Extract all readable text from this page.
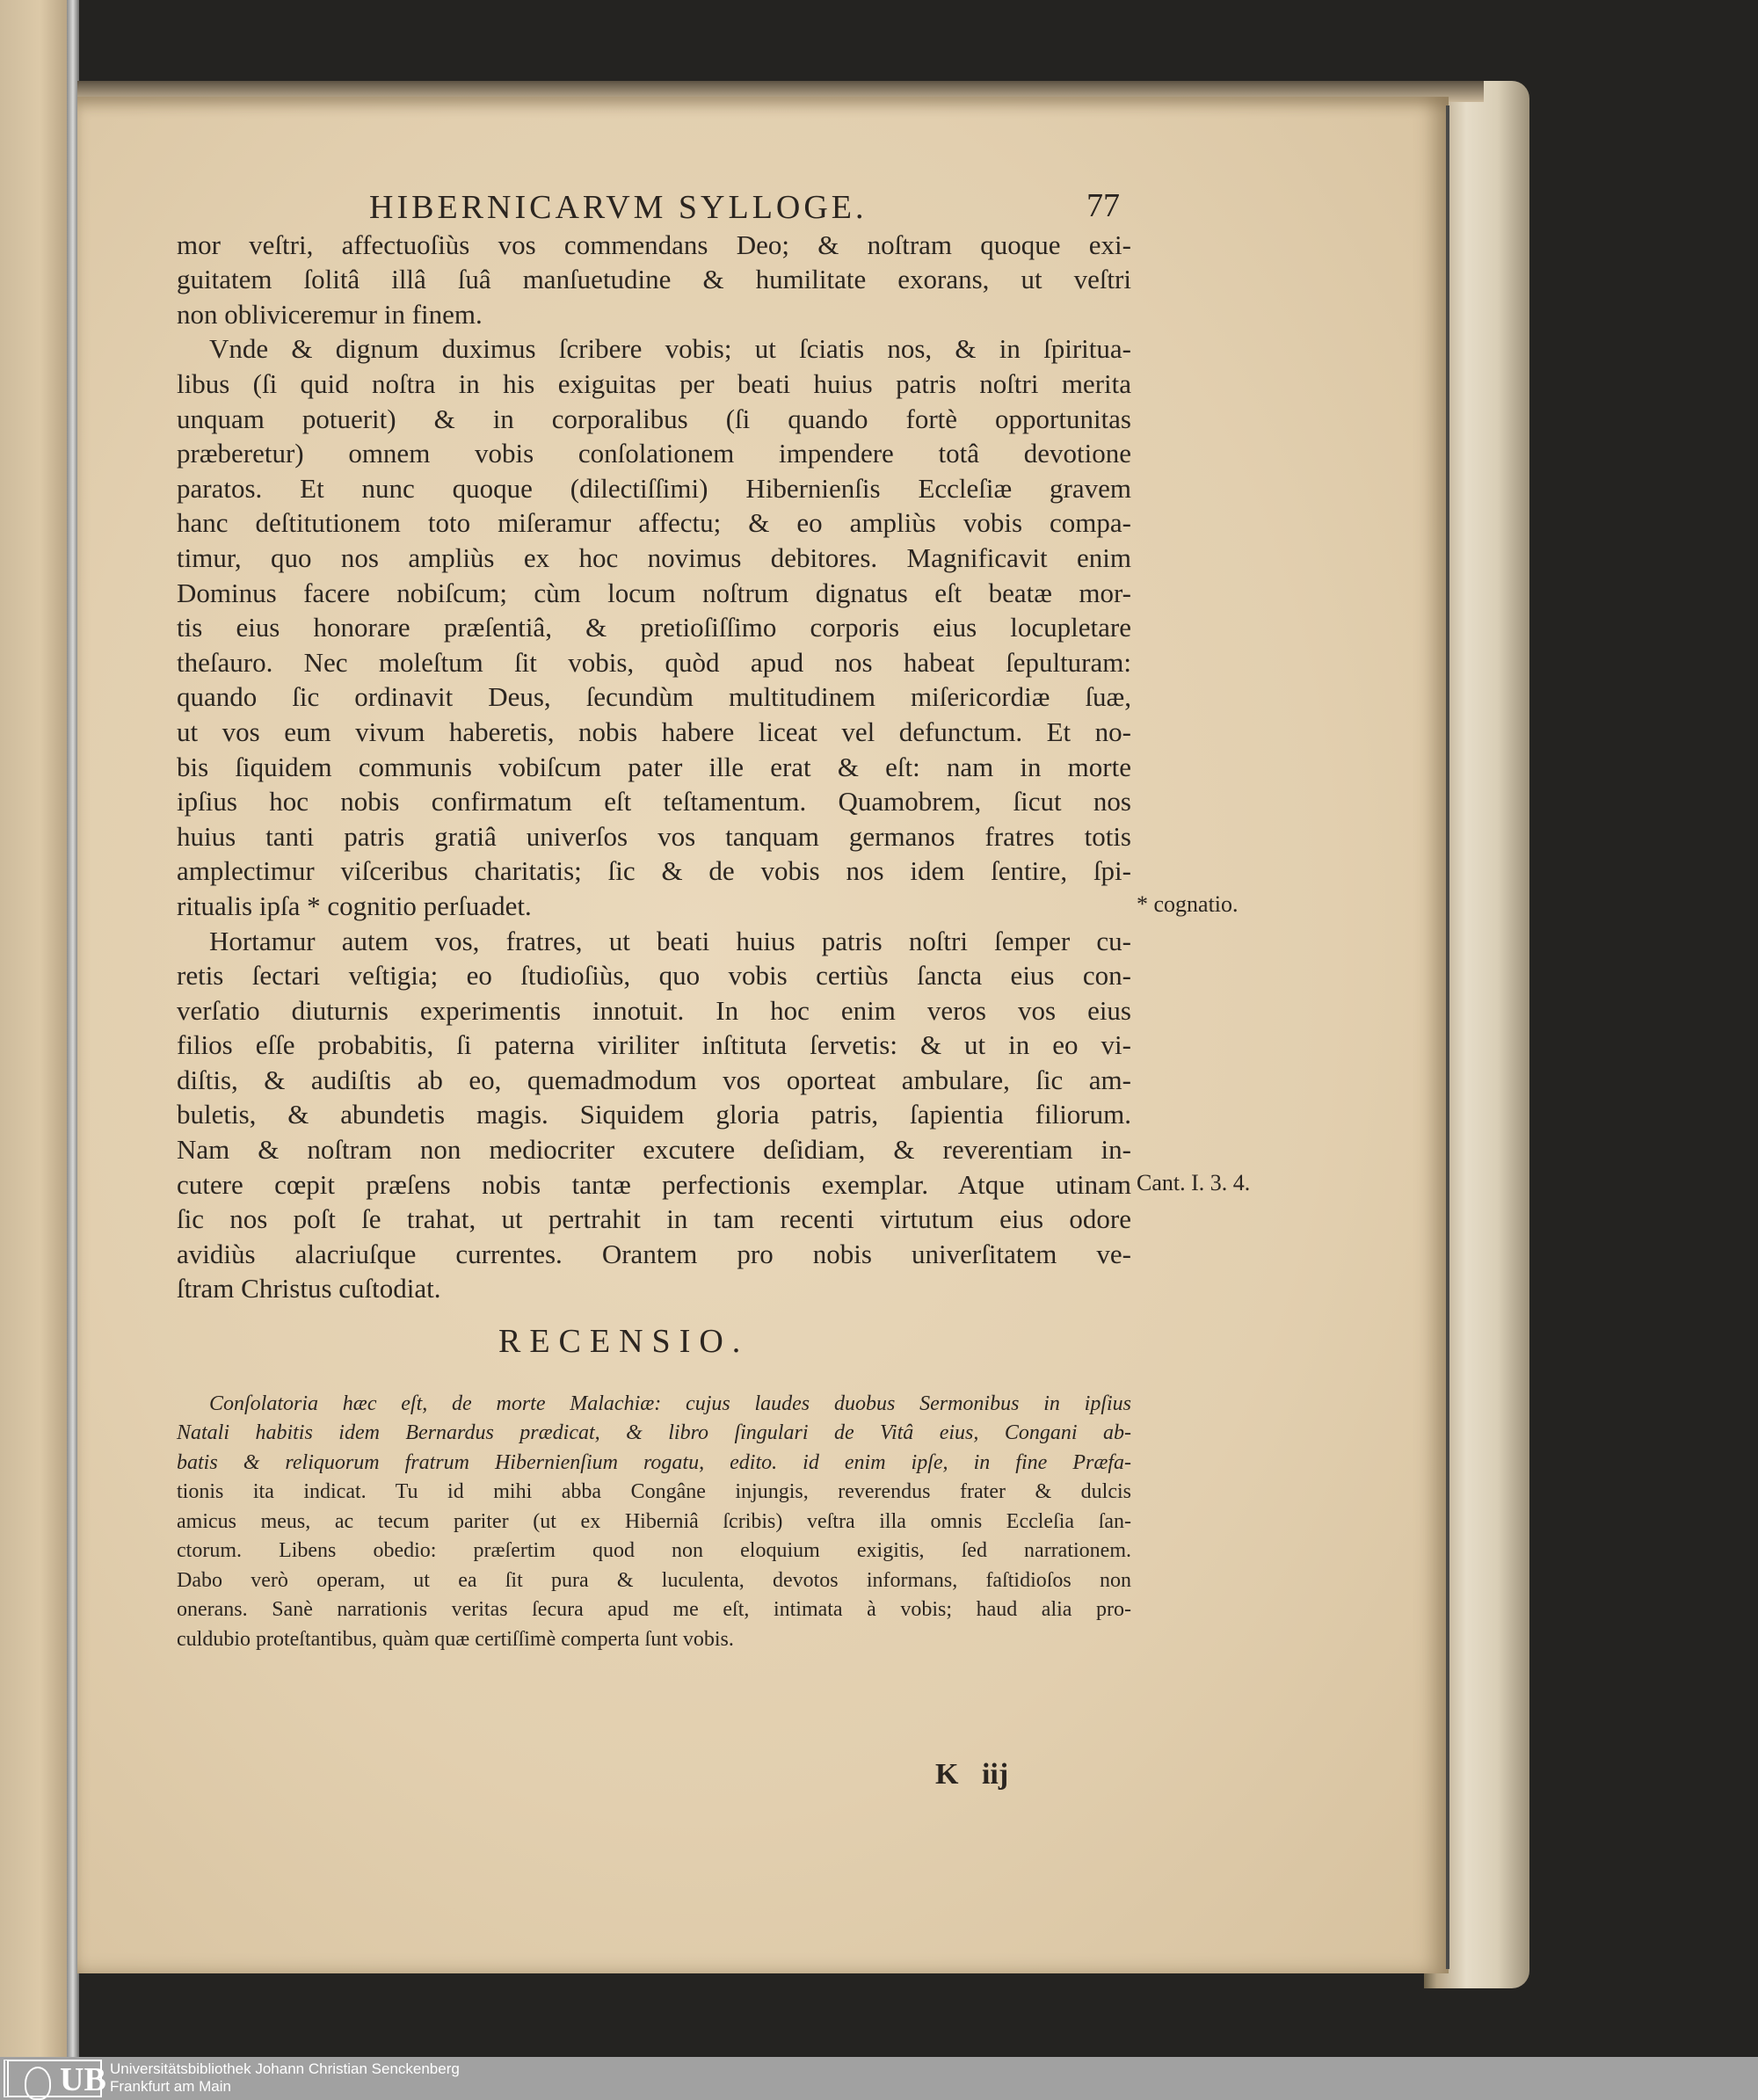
HIBERNICARVM SYLLOGE.	77
mor veſtri, affectuoſiùs vos commendans Deo; & noſtram quoque exi-
guitatem ſolitâ illâ ſuâ manſuetudine & humilitate exorans, ut veſtri
non obliviceremur in finem.
Vnde & dignum duximus ſcribere vobis; ut ſciatis nos, & in ſpiritua-
libus (ſi quid noſtra in his exiguitas per beati huius patris noſtri merita
unquam potuerit) & in corporalibus (ſi quando fortè opportunitas
præberetur) omnem vobis conſolationem impendere totâ devotione
paratos. Et nunc quoque (dilectiſſimi) Hibernienſis Eccleſiæ gravem
hanc deſtitutionem toto miſeramur affectu; & eo ampliùs vobis compa-
timur, quo nos ampliùs ex hoc novimus debitores. Magnificavit enim
Dominus facere nobiſcum; cùm locum noſtrum dignatus eſt beatæ mor-
tis eius honorare præſentiâ, & pretioſiſſimo corporis eius locupletare
theſauro. Nec moleſtum ſit vobis, quòd apud nos habeat ſepulturam:
quando ſic ordinavit Deus, ſecundùm multitudinem miſericordiæ ſuæ,
ut vos eum vivum haberetis, nobis habere liceat vel defunctum. Et no-
bis ſiquidem communis vobiſcum pater ille erat & eſt: nam in morte
ipſius hoc nobis confirmatum eſt teſtamentum. Quamobrem, ſicut nos
huius tanti patris gratiâ univerſos vos tanquam germanos fratres totis
amplectimur viſceribus charitatis; ſic & de vobis nos idem ſentire, ſpi-
ritualis ipſa * cognitio perſuadet.
Hortamur autem vos, fratres, ut beati huius patris noſtri ſemper cu-
retis ſectari veſtigia; eo ſtudioſiùs, quo vobis certiùs ſancta eius con-
verſatio diuturnis experimentis innotuit. In hoc enim veros vos eius
filios eſſe probabitis, ſi paterna viriliter inſtituta ſervetis: & ut in eo vi-
diſtis, & audiſtis ab eo, quemadmodum vos oporteat ambulare, ſic am-
buletis, & abundetis magis. Siquidem gloria patris, ſapientia filiorum.
Nam & noſtram non mediocriter excutere deſidiam, & reverentiam in-
cutere cœpit præſens nobis tantæ perfectionis exemplar. Atque utinam
ſic nos poſt ſe trahat, ut pertrahit in tam recenti virtutum eius odore
avidiùs alacriuſque currentes. Orantem pro nobis univerſitatem ve-
ſtram Christus cuſtodiat.
* cognatio.
Cant. I. 3. 4.
RECENSIO.
Conſolatoria hæc eſt, de morte Malachiæ: cujus laudes duobus Sermonibus in ipſius
Natali habitis idem Bernardus prædicat, & libro ſingulari de Vitâ eius, Congani ab-
batis & reliquorum fratrum Hibernienſium rogatu, edito. id enim ipſe, in fine Præfa-
tionis ita indicat. Tu id mihi abba Congâne injungis, reverendus frater & dulcis
amicus meus, ac tecum pariter (ut ex Hiberniâ ſcribis) veſtra illa omnis Eccleſia ſan-
ctorum. Libens obedio: præſertim quod non eloquium exigitis, ſed narrationem.
Dabo verò operam, ut ea ſit pura & luculenta, devotos informans, faſtidioſos non
onerans. Sanè narrationis veritas ſecura apud me eſt, intimata à vobis; haud alia pro-
culdubio proteſtantibus, quàm quæ certiſſimè comperta ſunt vobis.
K iij
UB Universitätsbibliothek Johann Christian Senckenberg
Frankfurt am Main
